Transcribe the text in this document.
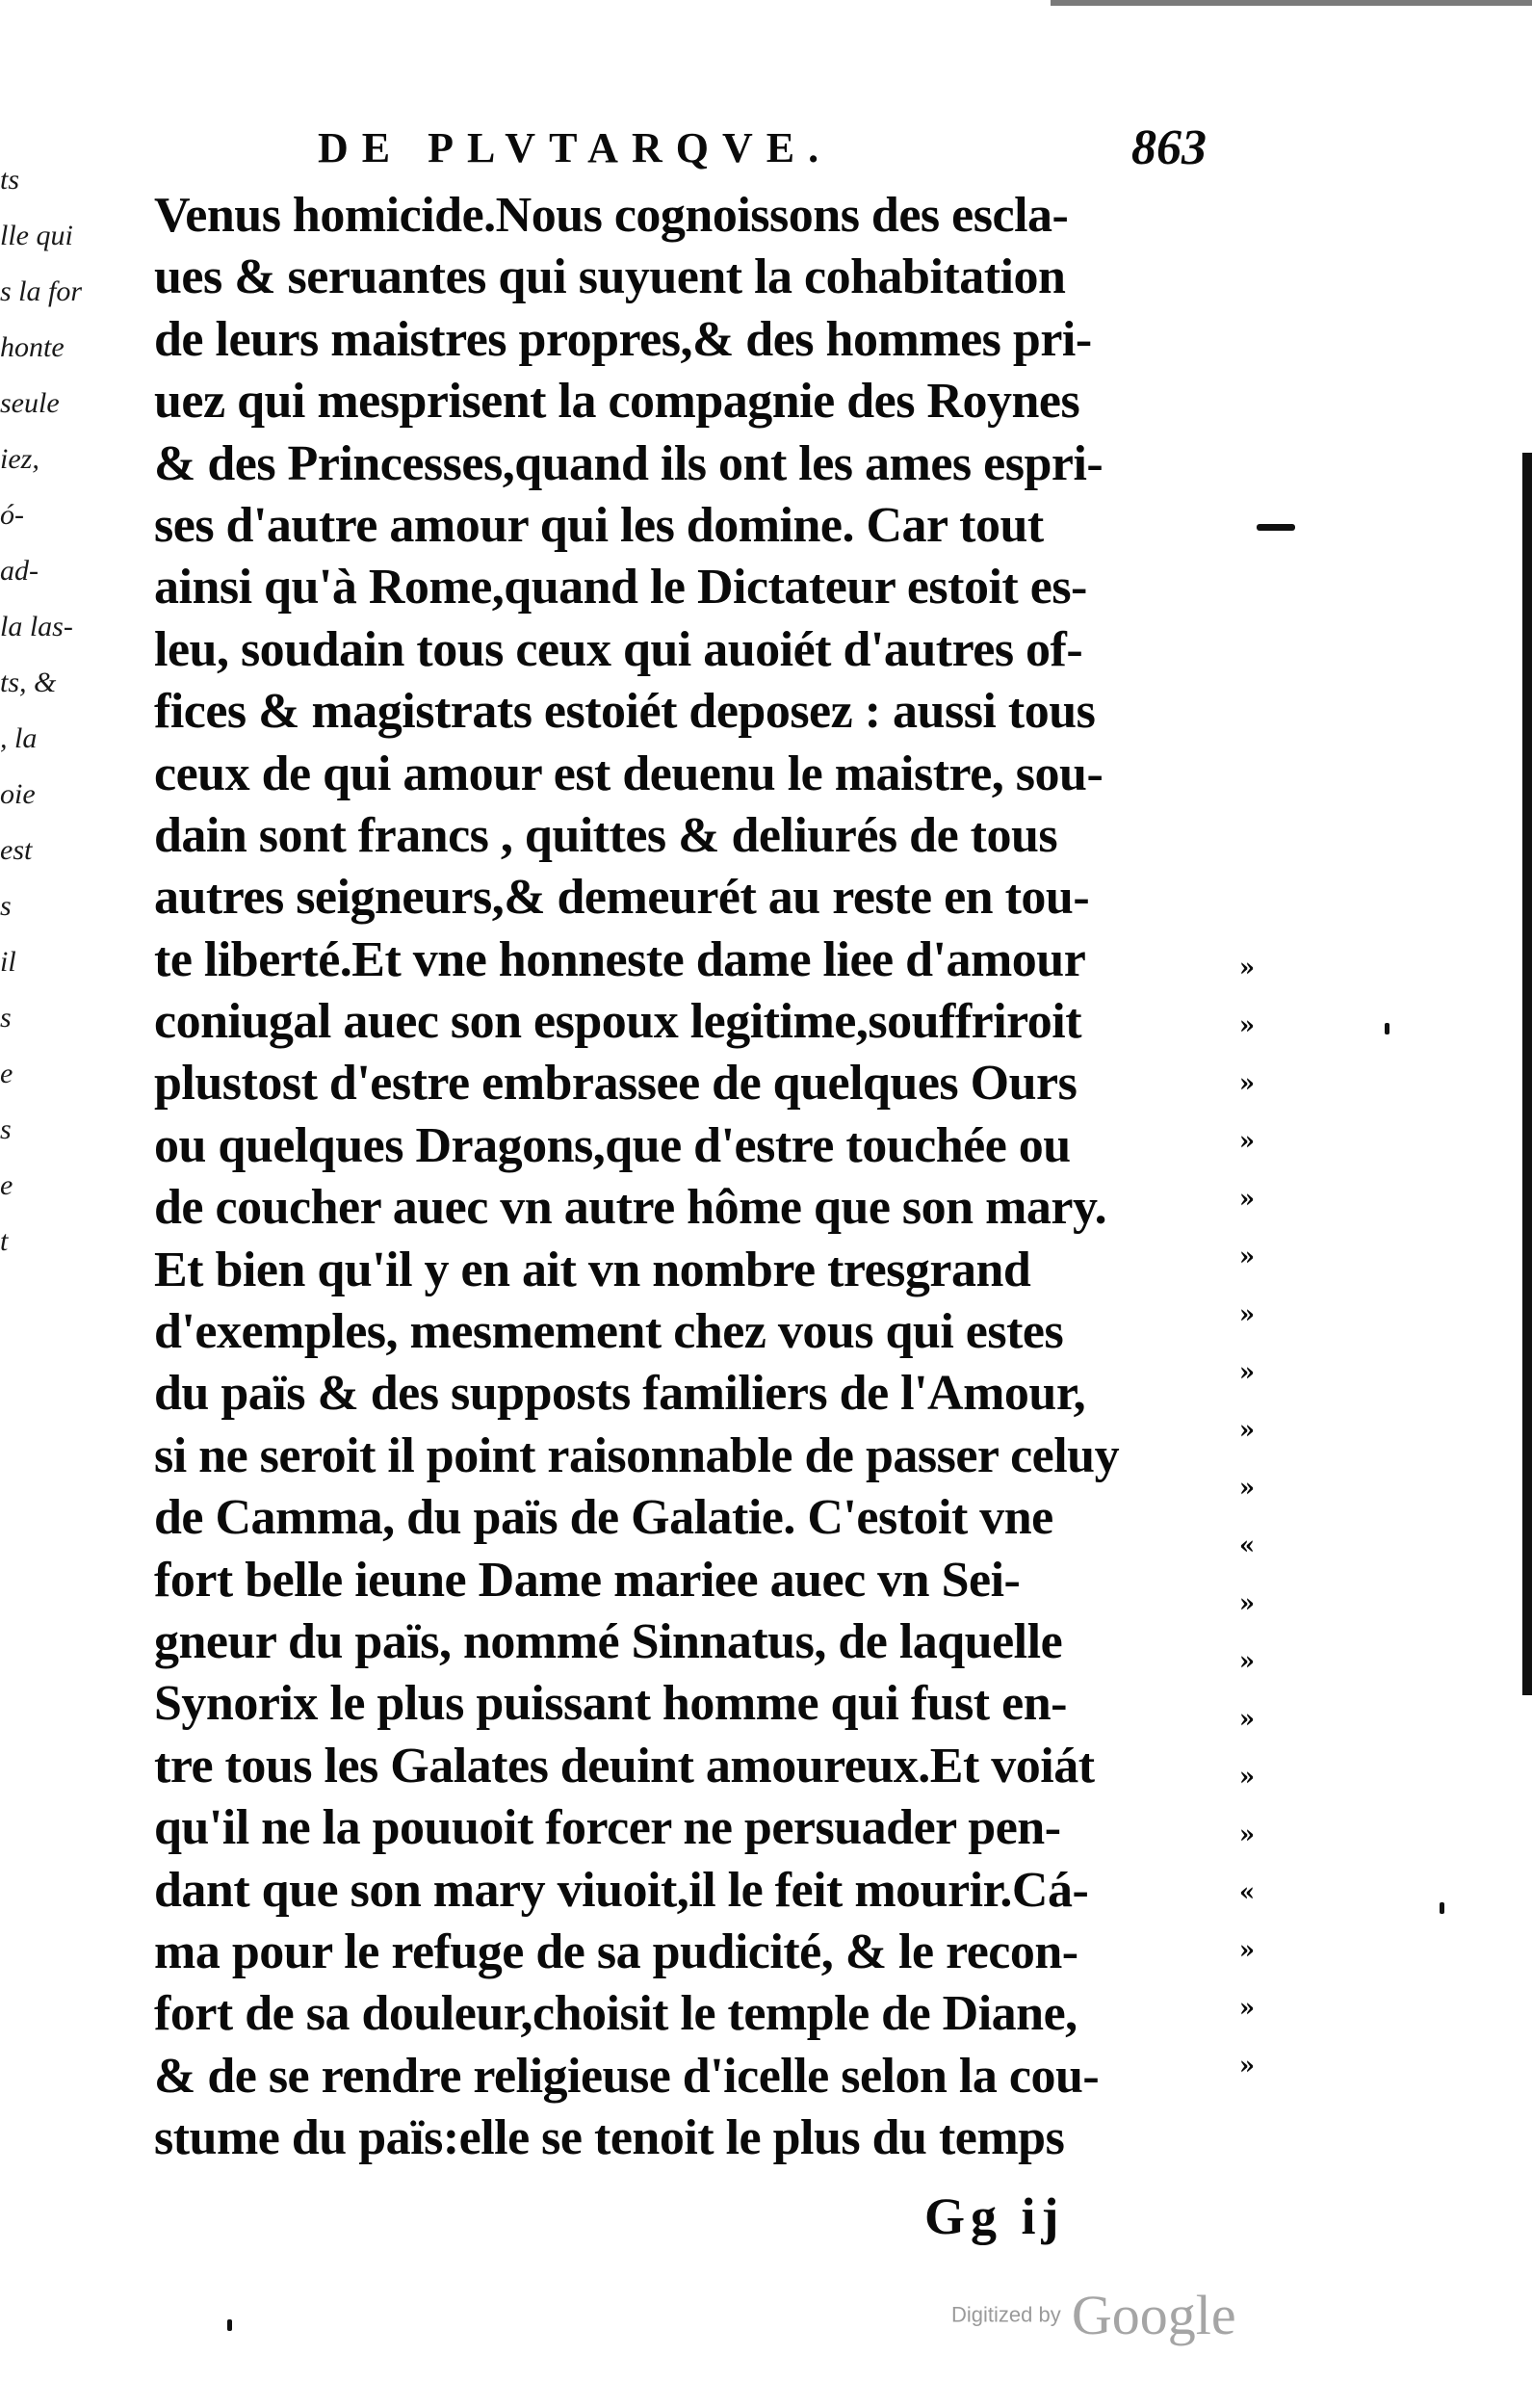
ts
lle qui
s la for
honte
seule
iez,
ó-
ad-
la las-
ts, &
, la
oie
est
s
il
s
e
s
e
t
DE PLVTARQVE.	863
Venus homicide.Nous cognoissons des escla-
ues & seruantes qui suyuent la cohabitation
de leurs maistres propres,& des hommes pri-
uez qui mesprisent la compagnie des Roynes
& des Princesses,quand ils ont les ames espri-
ses d'autre amour qui les domine. Car tout
ainsi qu'à Rome,quand le Dictateur estoit es-
leu, soudain tous ceux qui auoiét d'autres of-
fices & magistrats estoiét deposez : aussi tous
ceux de qui amour est deuenu le maistre, sou-
dain sont francs , quittes & deliurés de tous
autres seigneurs,& demeurét au reste en tou-
te liberté.Et vne honneste dame liee d'amour
coniugal auec son espoux legitime,souffriroit
plustost d'estre embrassee de quelques Ours
ou quelques Dragons,que d'estre touchée ou
de coucher auec vn autre hôme que son mary.
Et bien qu'il y en ait vn nombre tresgrand
d'exemples, mesmement chez vous qui estes
du païs & des supposts familiers de l'Amour,
si ne seroit il point raisonnable de passer celuy
de Camma, du païs de Galatie. C'estoit vne
fort belle ieune Dame mariee auec vn Sei-
gneur du païs, nommé Sinnatus, de laquelle
Synorix le plus puissant homme qui fust en-
tre tous les Galates deuint amoureux.Et voiát
qu'il ne la pouuoit forcer ne persuader pen-
dant que son mary viuoit,il le feit mourir.Cá-
ma pour le refuge de sa pudicité, & le recon-
fort de sa douleur,choisit le temple de Diane,
& de se rendre religieuse d'icelle selon la cou-
stume du païs:elle se tenoit le plus du temps
»
»
»
»
»
»
»
»
»
»
«
»
»
»
»
»
«
»
»
»
Gg ij
Digitized by Google
